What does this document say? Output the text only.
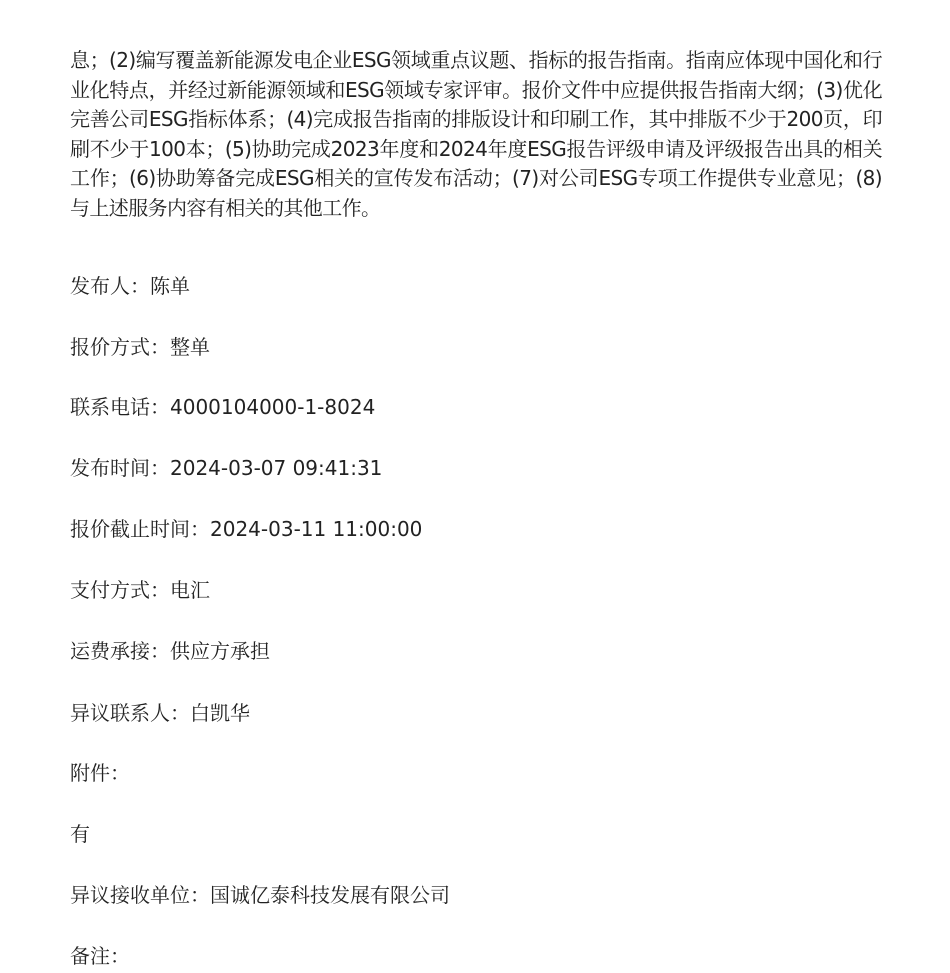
息；(2)编写覆盖新能源发电企业ESG领域重点议题、指标的报告指南。指南应体现中国化和行业化特点，并经过新能源领域和ESG领域专家评审。报价文件中应提供报告指南大纲；(3)优化完善公司ESG指标体系；(4)完成报告指南的排版设计和印刷工作，其中排版不少于200页，印刷不少于100本；(5)协助完成2023年度和2024年度ESG报告评级申请及评级报告出具的相关工作；(6)协助筹备完成ESG相关的宣传发布活动；(7)对公司ESG专项工作提供专业意见；(8)与上述服务内容有相关的其他工作。

发布人：陈单

报价方式：整单

联系电话：4000104000-1-8024

发布时间：2024-03-07 09:41:31

报价截止时间：2024-03-11 11:00:00

支付方式：电汇

运费承接：供应方承担

异议联系人：白凯华

附件：

有

异议接收单位：国诚亿泰科技发展有限公司

备注：
